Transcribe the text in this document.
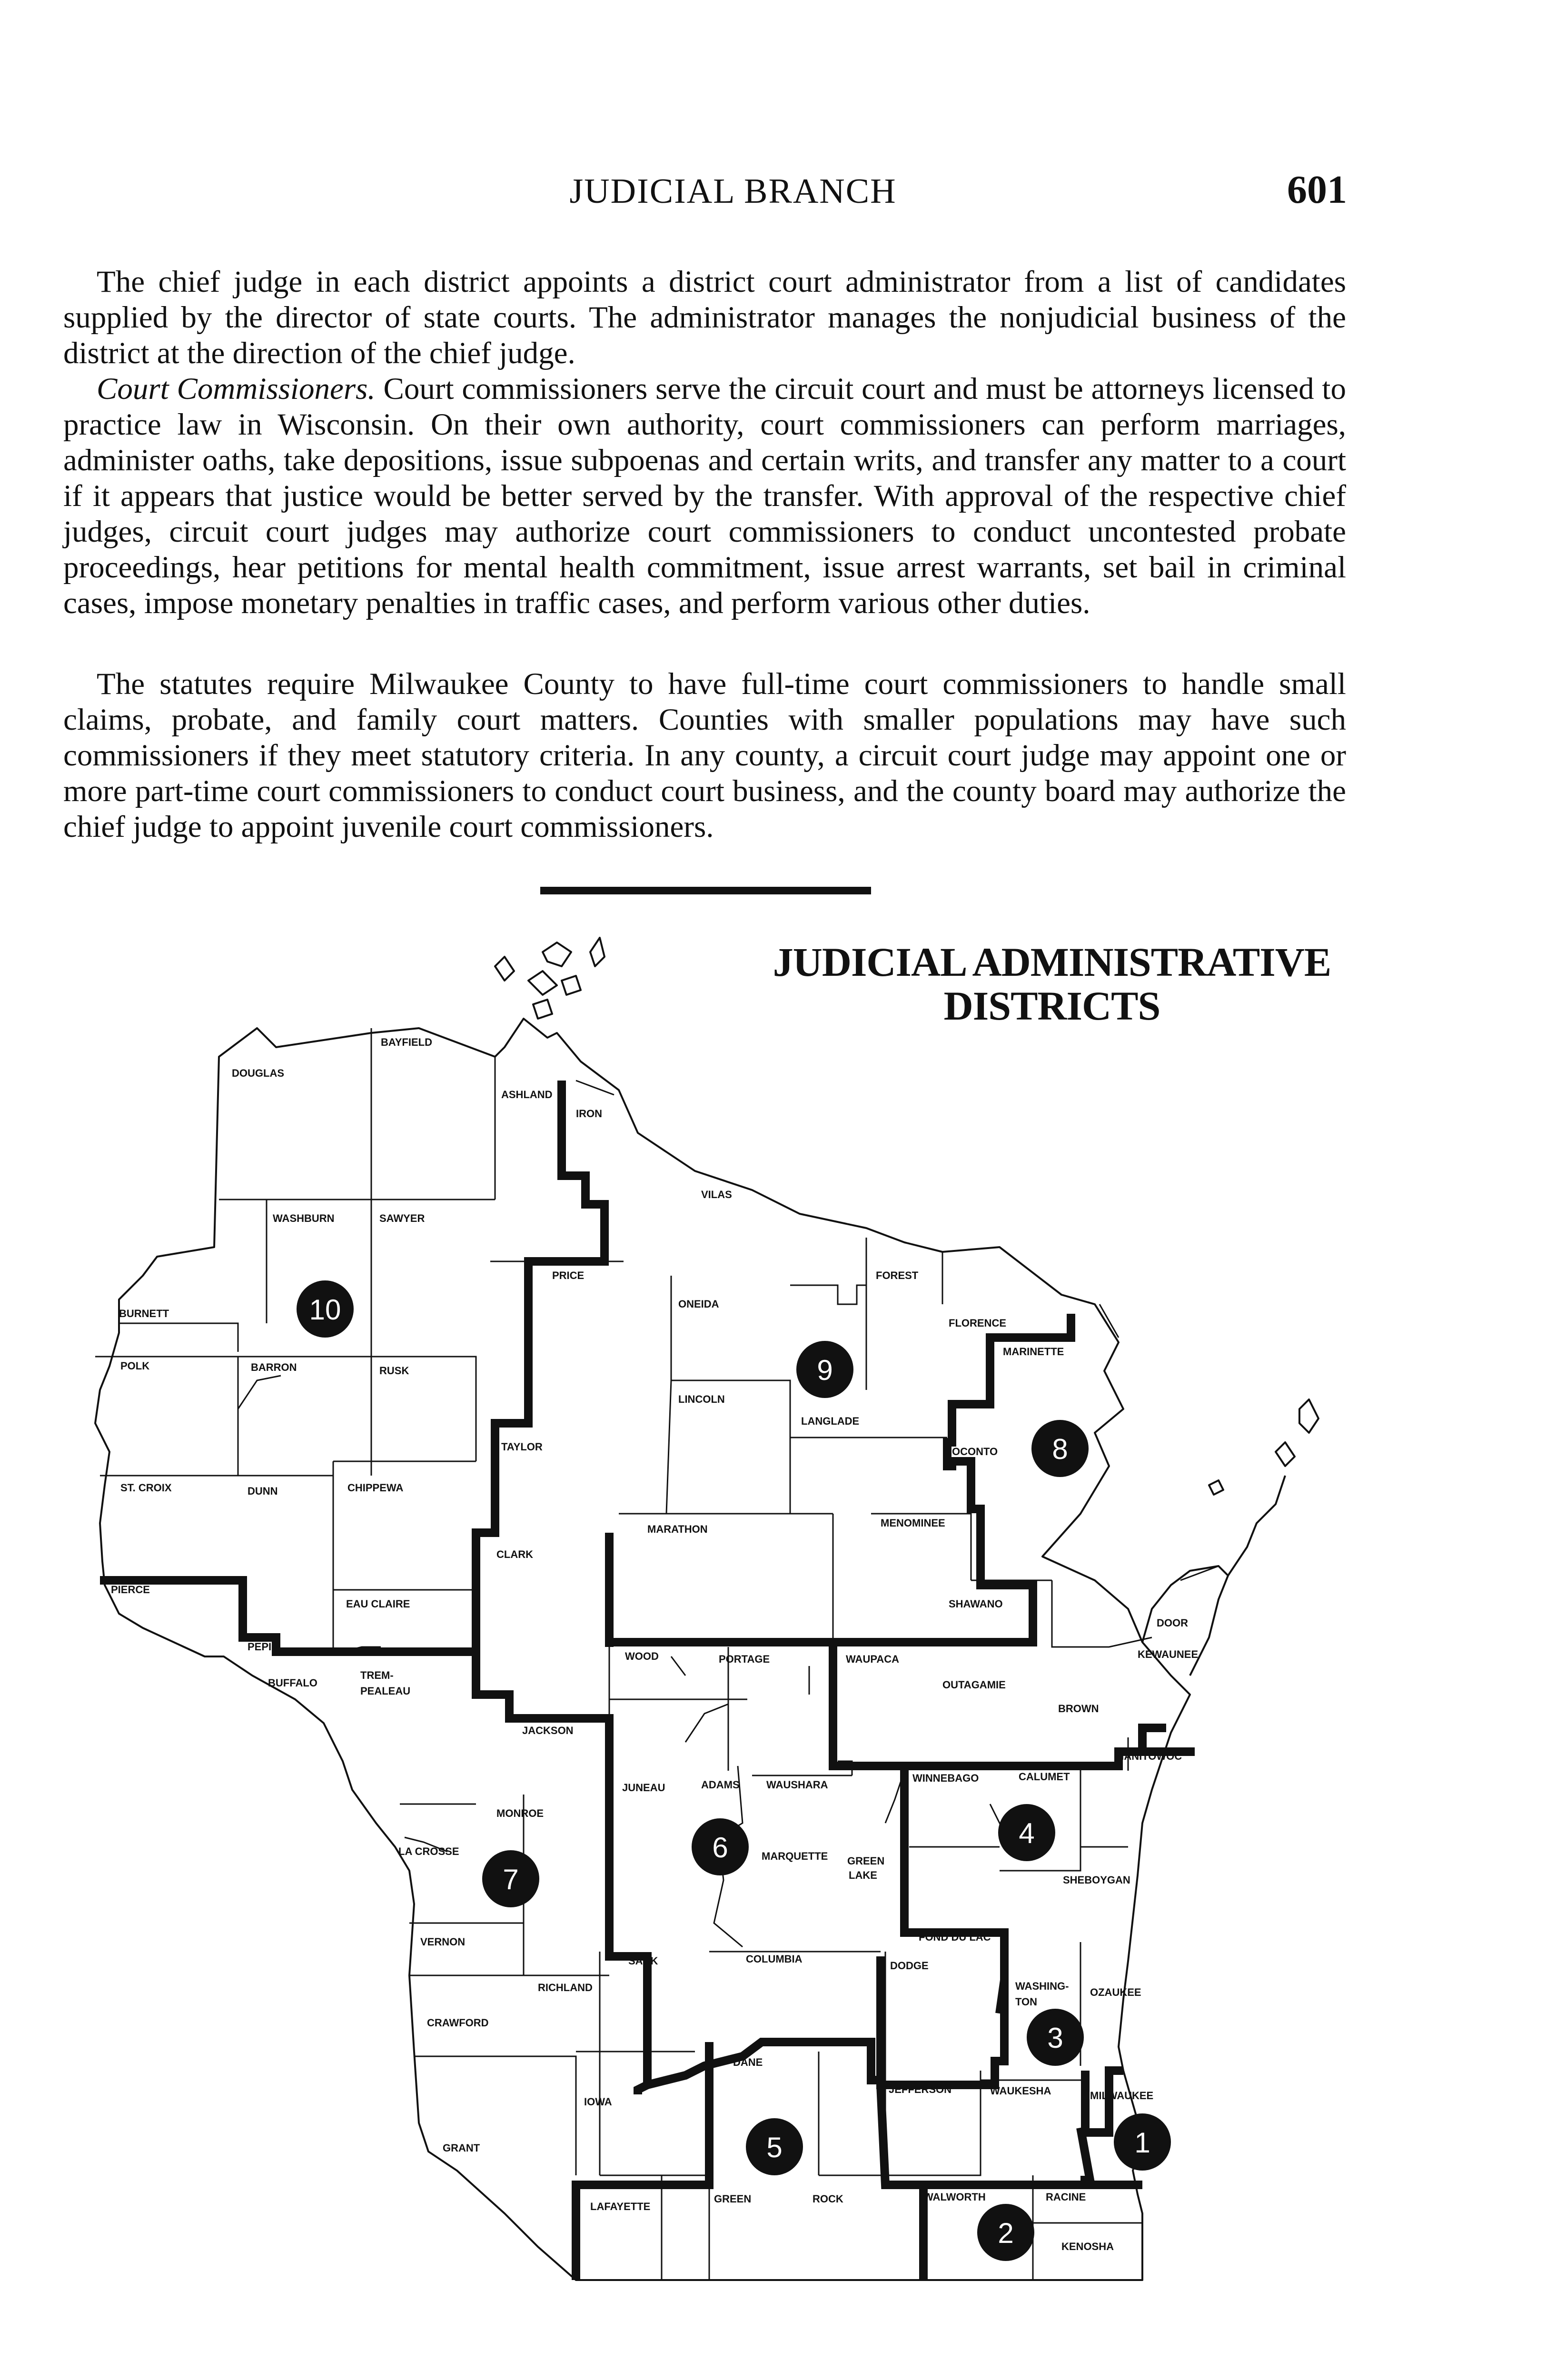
JUDICIAL BRANCH	601

The chief judge in each district appoints a district court administrator from a list of candidates supplied by the director of state courts. The administrator manages the nonjudicial business of the district at the direction of the chief judge.

Court Commissioners. Court commissioners serve the circuit court and must be attorneys licensed to practice law in Wisconsin. On their own authority, court commissioners can perform marriages, administer oaths, take depositions, issue subpoenas and certain writs, and transfer any matter to a court if it appears that justice would be better served by the transfer. With approval of the respective chief judges, circuit court judges may authorize court commissioners to conduct uncontested probate proceedings, hear petitions for mental health commitment, issue arrest warrants, set bail in criminal cases, impose monetary penalties in traffic cases, and perform various other duties.

The statutes require Milwaukee County to have full-time court commissioners to handle small claims, probate, and family court matters. Counties with smaller populations may have such commissioners if they meet statutory criteria. In any county, a circuit court judge may appoint one or more part-time court commissioners to conduct court business, and the county board may authorize the chief judge to appoint juvenile court commissioners.

JUDICIAL ADMINISTRATIVE
DISTRICTS
BAYFIELD
DOUGLAS
ASHLAND
IRON
VILAS
WASHBURN	SAWYER
PRICE	FOREST
ONEIDA
BURNETT
FLORENCE
MARINETTE
POLK	BARRON	RUSK
LINCOLN
LANGLADE
TAYLOR	OCONTO
ST. CROIX	DUNN	CHIPPEWA
MARATHON
MENOMINEE
CLARK
PIERCE
EAU CLAIRE	SHAWANO
DOOR
PEPIN
WOOD	PORTAGE	WAUPACA	KEWAUNEE
BUFFALO
TREM-
PEALEAU
OUTAGAMIE
BROWN
JACKSON
MANITOWOC
JUNEAU	ADAMS	WAUSHARA
WINNEBAGO	CALUMET
MONROE
LA CROSSE	MARQUETTE GREEN
LAKE	SHEBOYGAN
VERNON	FOND DU LAC
SAUK	COLUMBIA
DODGE
WASHING-
TON
OZAUKEE
RICHLAND
CRAWFORD
DANE
JEFFERSON	WAUKESHA	MILWAUKEE
IOWA
GRANT
LAFAYETTE
GREEN	ROCK	WALWORTH	RACINE
KENOSHA
1
2
3
4
5
6
7
8
9
10
